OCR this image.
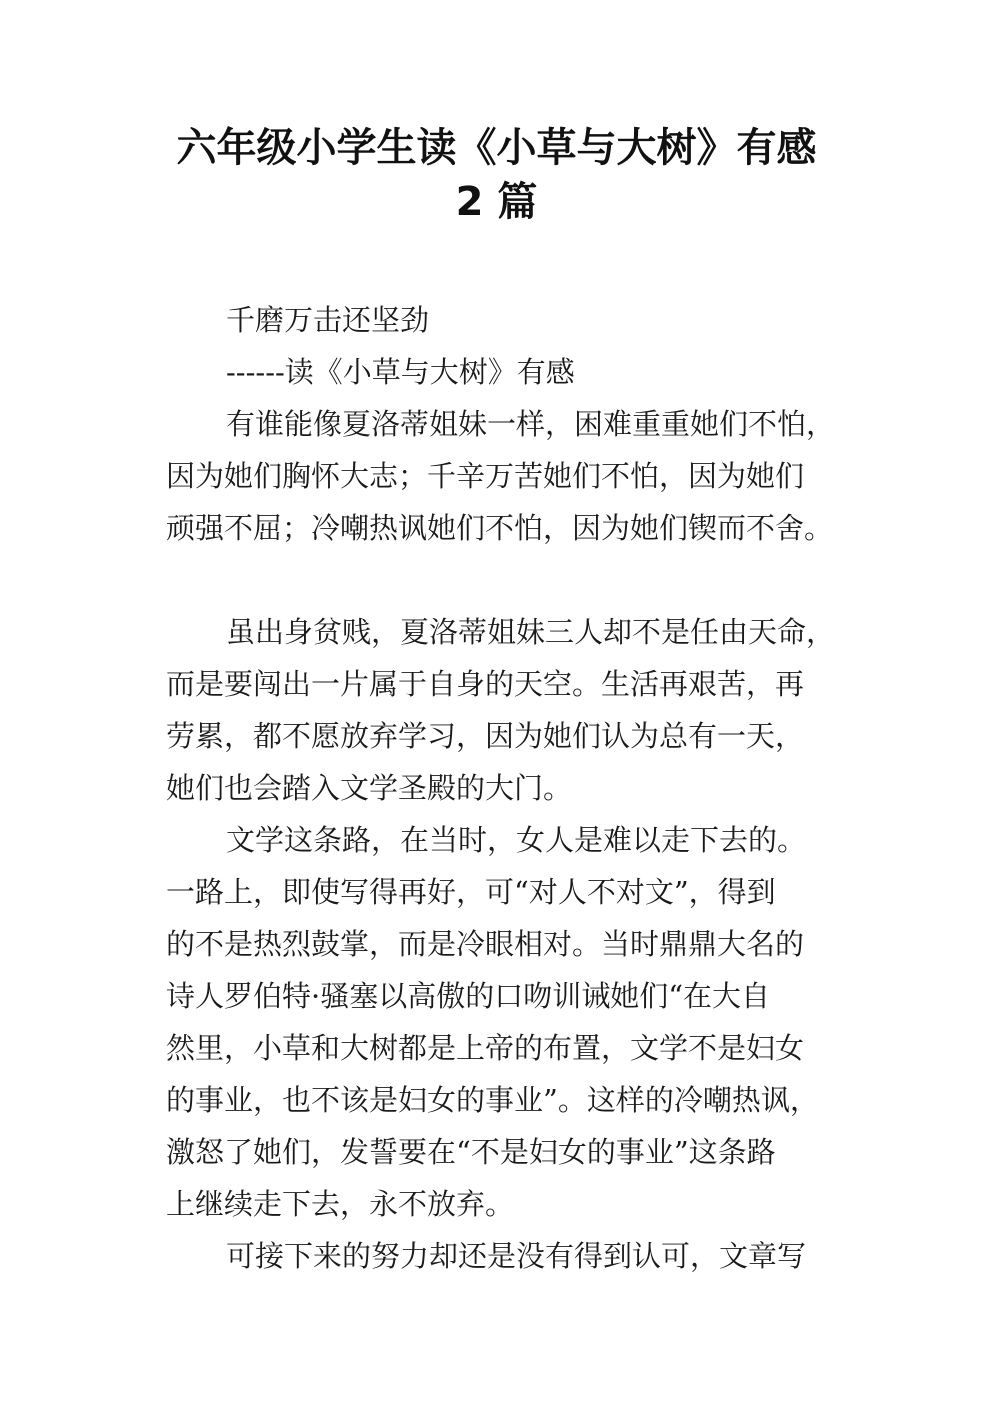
六年级小学生读《小草与大树》有感
2 篇
千磨万击还坚劲
------读《小草与大树》有感
有谁能像夏洛蒂姐妹一样，困难重重她们不怕，
因为她们胸怀大志；千辛万苦她们不怕，因为她们
顽强不屈；冷嘲热讽她们不怕，因为她们锲而不舍。
虽出身贫贱，夏洛蒂姐妹三人却不是任由天命，
而是要闯出一片属于自身的天空。生活再艰苦，再
劳累，都不愿放弃学习，因为她们认为总有一天，
她们也会踏入文学圣殿的大门。
文学这条路，在当时，女人是难以走下去的。
一路上，即使写得再好，可“对人不对文”，得到
的不是热烈鼓掌，而是冷眼相对。当时鼎鼎大名的
诗人罗伯特·骚塞以高傲的口吻训诫她们“在大自
然里，小草和大树都是上帝的布置，文学不是妇女
的事业，也不该是妇女的事业”。这样的冷嘲热讽，
激怒了她们，发誓要在“不是妇女的事业”这条路
上继续走下去，永不放弃。
可接下来的努力却还是没有得到认可，文章写
